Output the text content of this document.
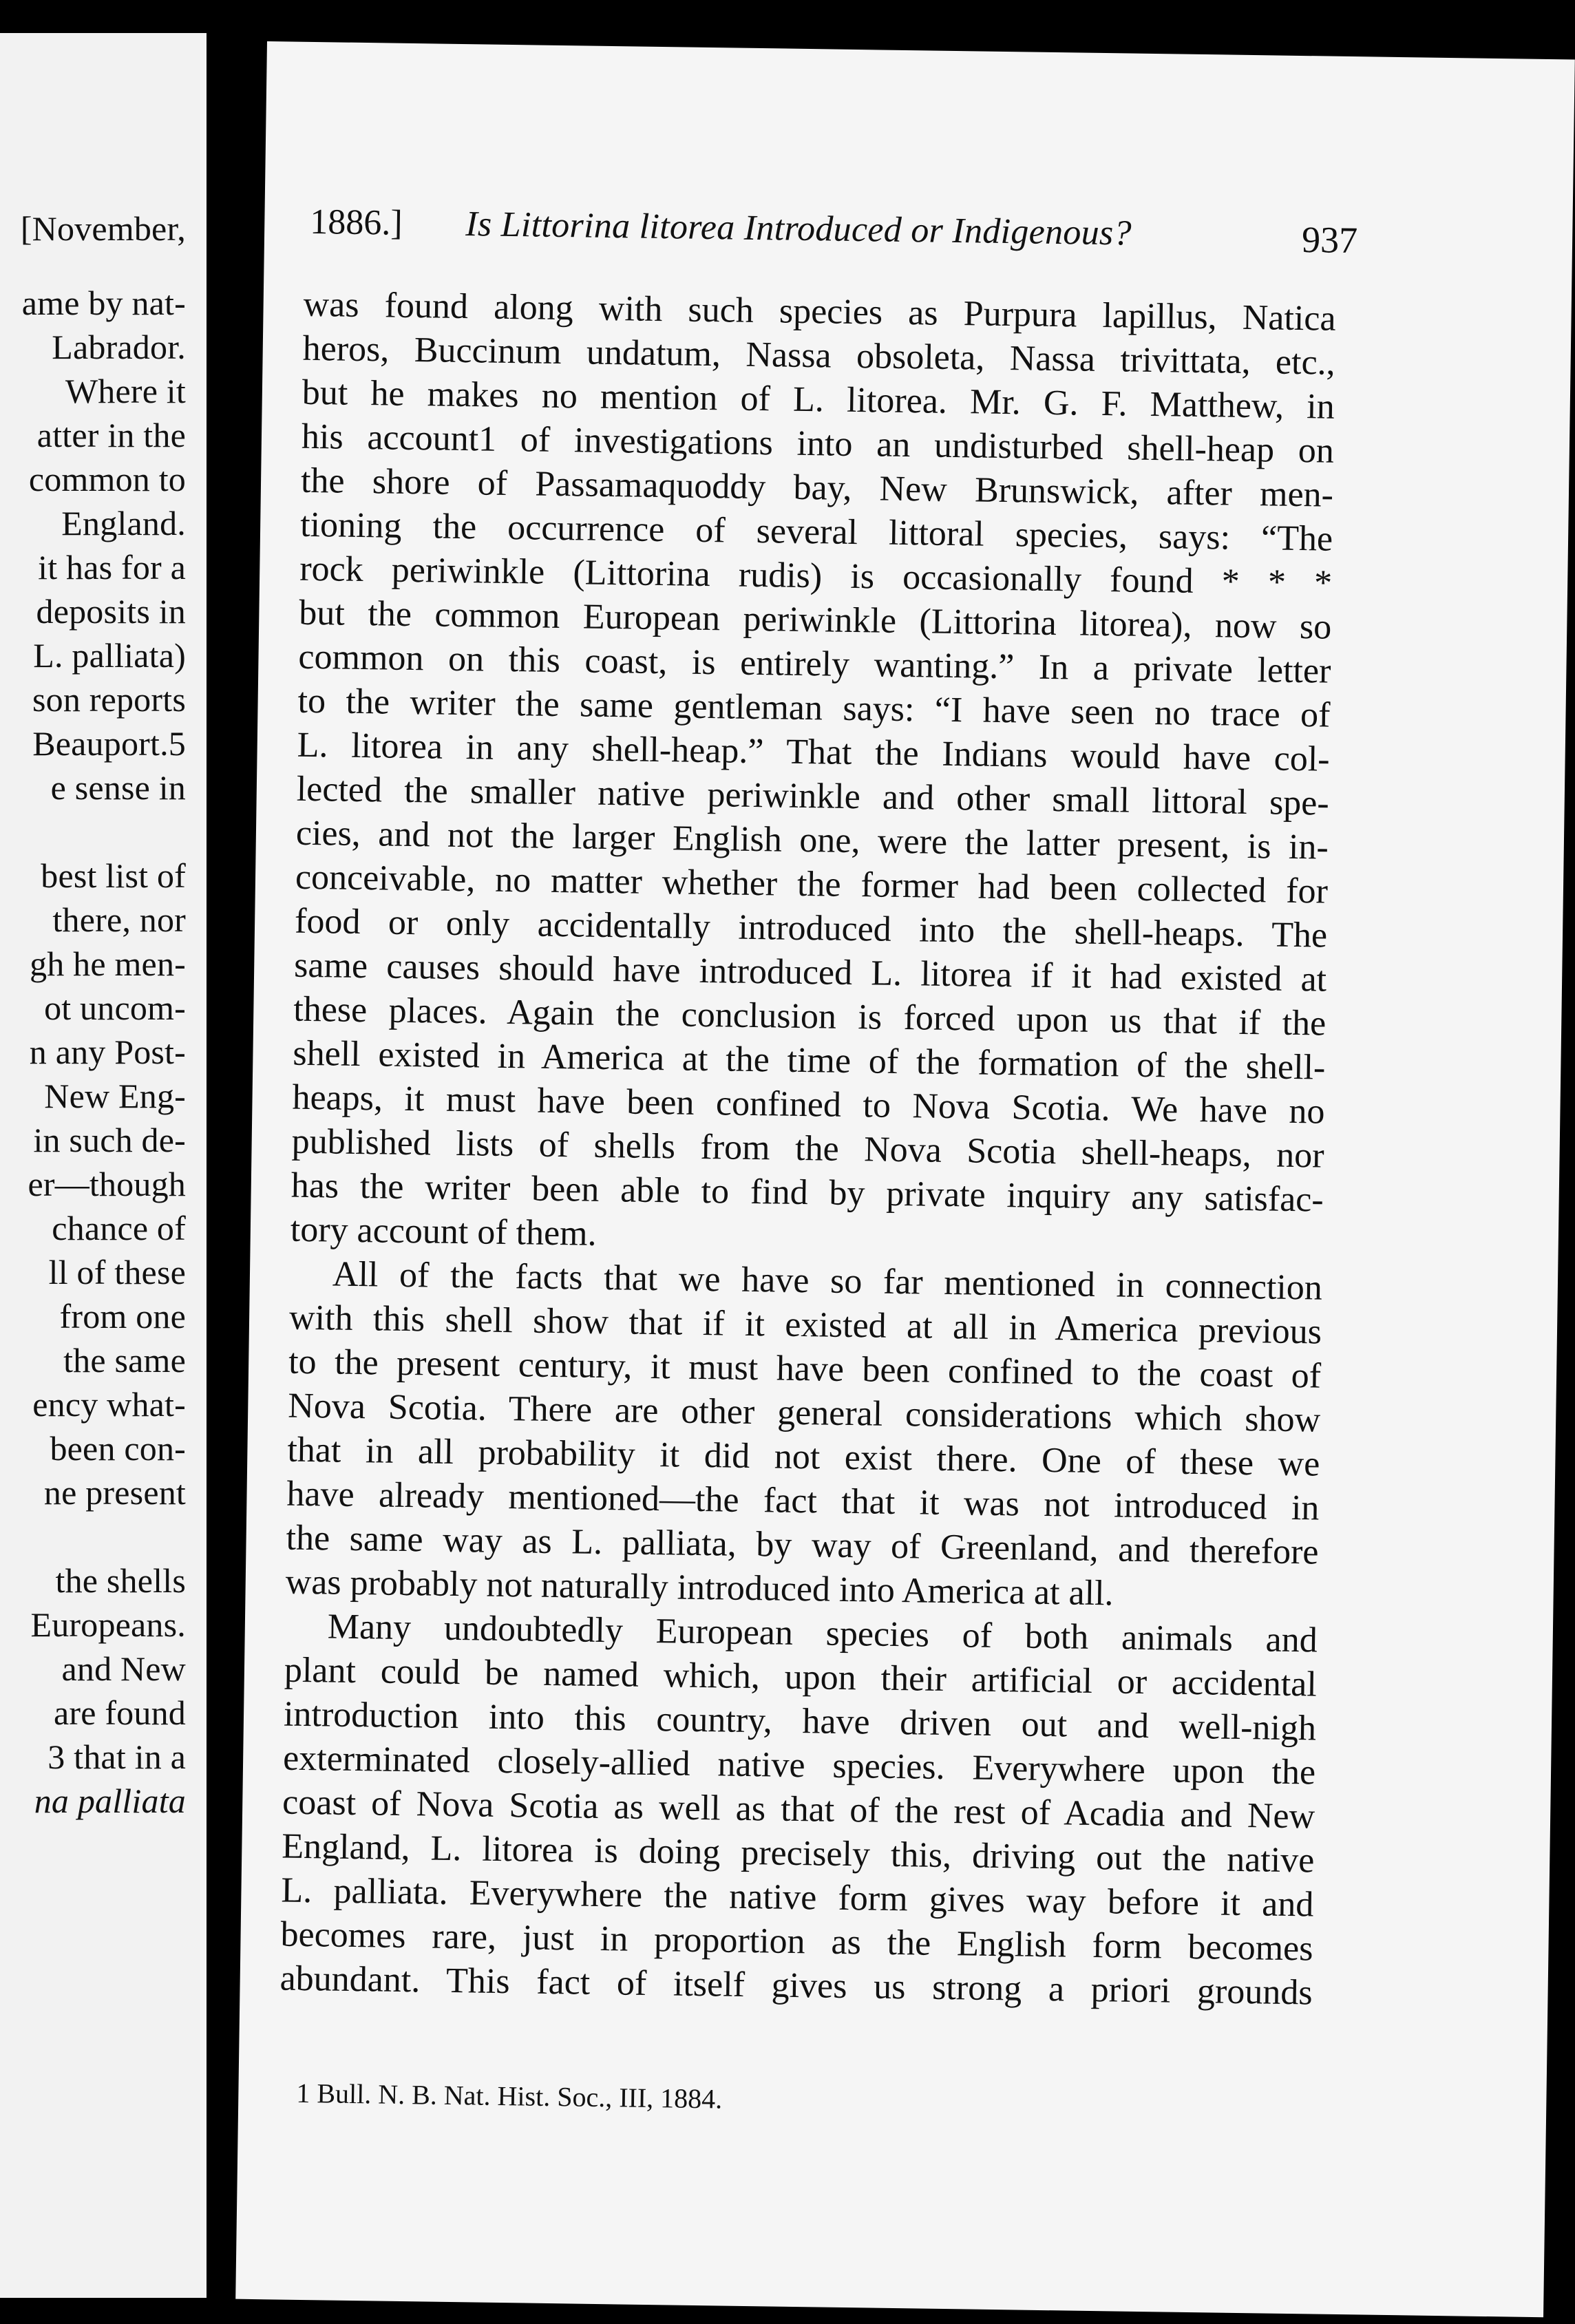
[November,
ame by nat-
Labrador.
Where it
atter in the
common to
England.
it has for a
deposits in
L. palliata)
son reports
Beauport.5
e sense in
best list of
there, nor
gh he men-
ot uncom-
n any Post-
New Eng-
in such de-
er—though
chance of
ll of these
from one
the same
ency what-
been con-
ne present
the shells
Europeans.
and New
are found
3 that in a
na palliata
1886.] Is Littorina litorea Introduced or Indigenous?	937
was found along with such species as Purpura lapillus, Natica
heros, Buccinum undatum, Nassa obsoleta, Nassa trivittata, etc.,
but he makes no mention of L. litorea. Mr. G. F. Matthew, in
his account1 of investigations into an undisturbed shell-heap on
the shore of Passamaquoddy bay, New Brunswick, after men-
tioning the occurrence of several littoral species, says: “The
rock periwinkle (Littorina rudis) is occasionally found * * *
but the common European periwinkle (Littorina litorea), now so
common on this coast, is entirely wanting.” In a private letter
to the writer the same gentleman says: “I have seen no trace of
L. litorea in any shell-heap.” That the Indians would have col-
lected the smaller native periwinkle and other small littoral spe-
cies, and not the larger English one, were the latter present, is in-
conceivable, no matter whether the former had been collected for
food or only accidentally introduced into the shell-heaps. The
same causes should have introduced L. litorea if it had existed at
these places. Again the conclusion is forced upon us that if the
shell existed in America at the time of the formation of the shell-
heaps, it must have been confined to Nova Scotia. We have no
published lists of shells from the Nova Scotia shell-heaps, nor
has the writer been able to find by private inquiry any satisfac-
tory account of them.
All of the facts that we have so far mentioned in connection
with this shell show that if it existed at all in America previous
to the present century, it must have been confined to the coast of
Nova Scotia. There are other general considerations which show
that in all probability it did not exist there. One of these we
have already mentioned—the fact that it was not introduced in
the same way as L. palliata, by way of Greenland, and therefore
was probably not naturally introduced into America at all.
Many undoubtedly European species of both animals and
plant could be named which, upon their artificial or accidental
introduction into this country, have driven out and well-nigh
exterminated closely-allied native species. Everywhere upon the
coast of Nova Scotia as well as that of the rest of Acadia and New
England, L. litorea is doing precisely this, driving out the native
L. palliata. Everywhere the native form gives way before it and
becomes rare, just in proportion as the English form becomes
abundant. This fact of itself gives us strong a priori grounds
1 Bull. N. B. Nat. Hist. Soc., III, 1884.
